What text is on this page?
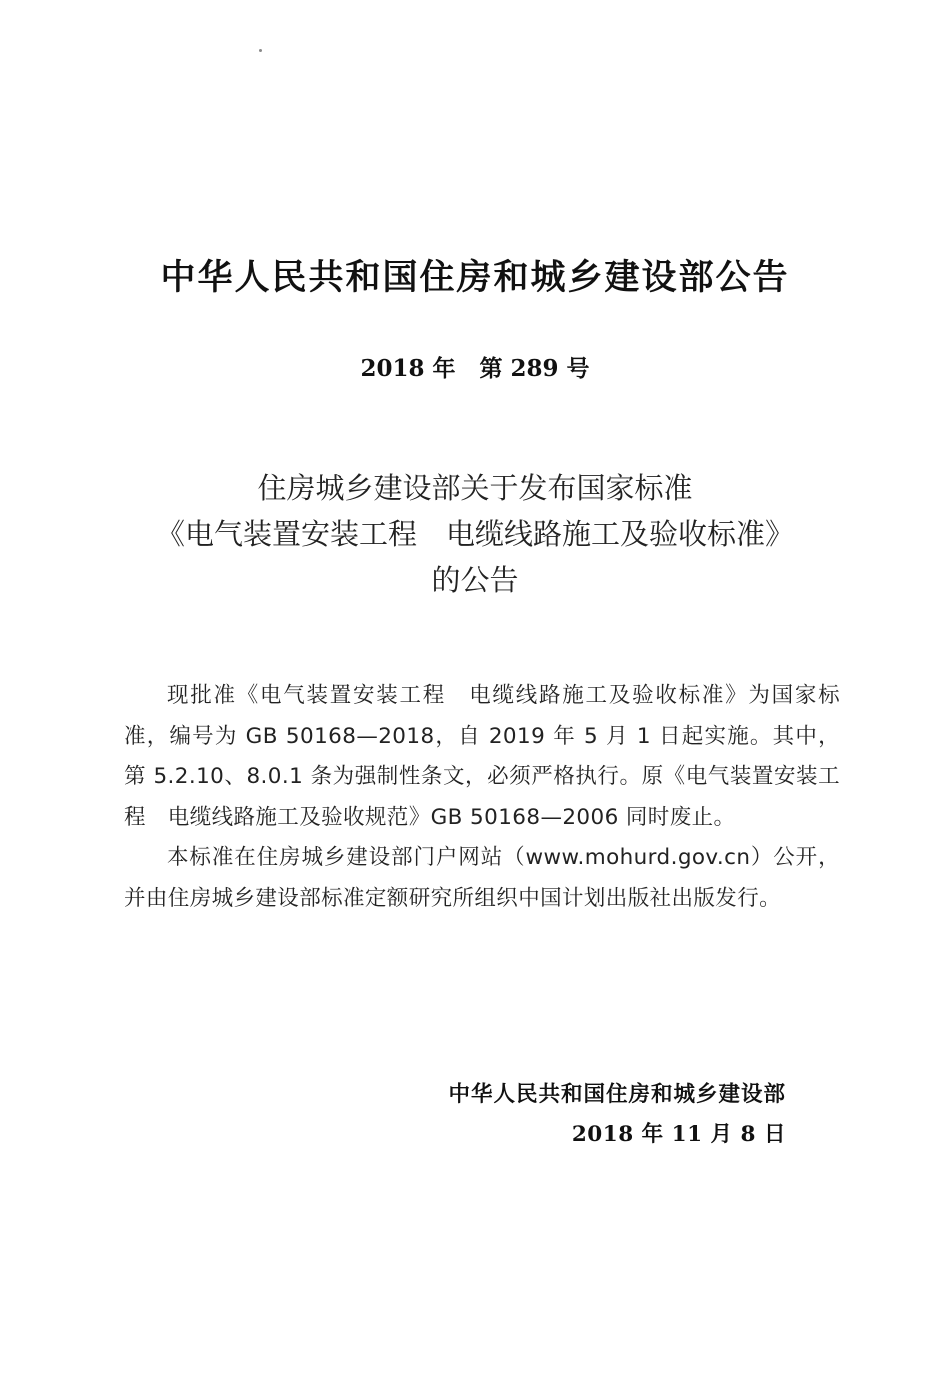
中华人民共和国住房和城乡建设部公告
2018 年   第 289 号
住房城乡建设部关于发布国家标准
《电气装置安装工程　电缆线路施工及验收标准》
的公告

现批准《电气装置安装工程　电缆线路施工及验收标准》为国家标准，编号为 GB 50168—2018，自 2019 年 5 月 1 日起实施。其中，第 5.2.10、8.0.1 条为强制性条文，必须严格执行。原《电气装置安装工程　电缆线路施工及验收规范》GB 50168—2006 同时废止。

本标准在住房城乡建设部门户网站（www.mohurd.gov.cn）公开，并由住房城乡建设部标准定额研究所组织中国计划出版社出版发行。

中华人民共和国住房和城乡建设部
2018 年 11 月 8 日
